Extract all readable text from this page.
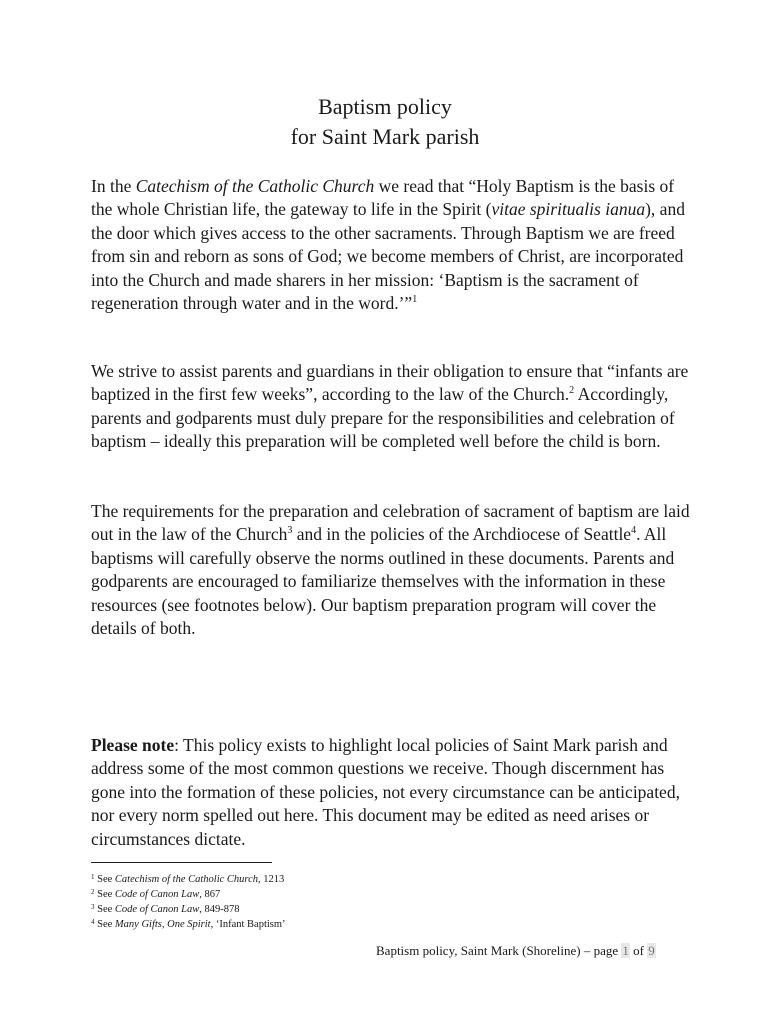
Baptism policy
for Saint Mark parish

In the Catechism of the Catholic Church we read that “Holy Baptism is the basis of the whole Christian life, the gateway to life in the Spirit (vitae spiritualis ianua), and the door which gives access to the other sacraments. Through Baptism we are freed from sin and reborn as sons of God; we become members of Christ, are incorporated into the Church and made sharers in her mission: ‘Baptism is the sacrament of regeneration through water and in the word.’”$^1$

We strive to assist parents and guardians in their obligation to ensure that “infants are baptized in the first few weeks”, according to the law of the Church.$^2$ Accordingly, parents and godparents must duly prepare for the responsibilities and celebration of baptism – ideally this preparation will be completed well before the child is born.

The requirements for the preparation and celebration of sacrament of baptism are laid out in the law of the Church$^3$ and in the policies of the Archdiocese of Seattle$^4$. All baptisms will carefully observe the norms outlined in these documents. Parents and godparents are encouraged to familiarize themselves with the information in these resources (see footnotes below). Our baptism preparation program will cover the details of both.

Please note: This policy exists to highlight local policies of Saint Mark parish and address some of the most common questions we receive. Though discernment has gone into the formation of these policies, not every circumstance can be anticipated, nor every norm spelled out here. This document may be edited as need arises or circumstances dictate.

$^1$ See Catechism of the Catholic Church, 1213
$^2$ See Code of Canon Law, 867
$^3$ See Code of Canon Law, 849-878
$^4$ See Many Gifts, One Spirit, ‘Infant Baptism’
Baptism policy, Saint Mark (Shoreline) – page 1 of 9
